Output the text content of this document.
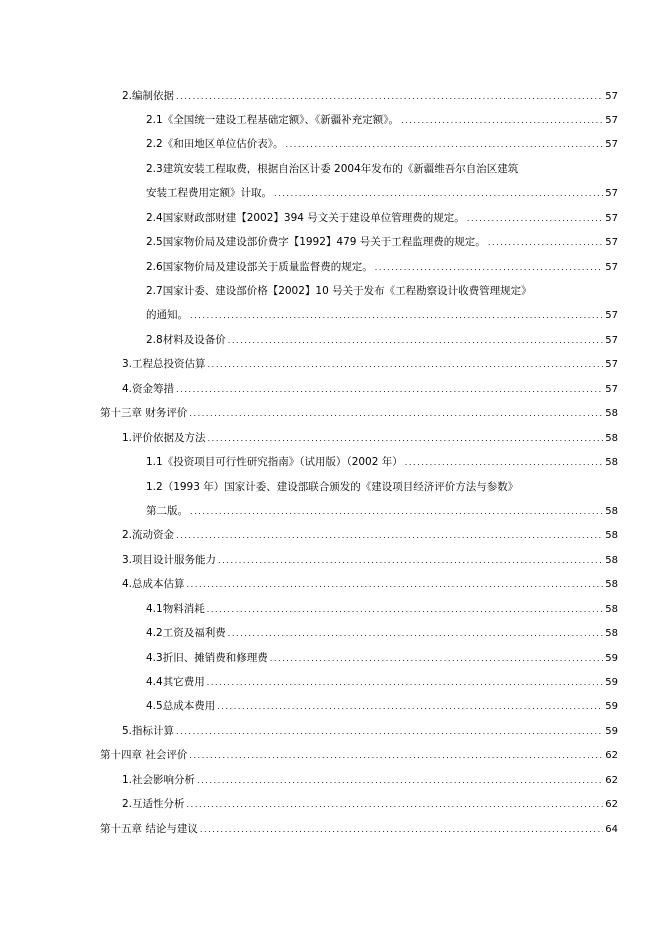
2.编制依据 .....	57
2.1《全国统一建设工程基础定额》、《新疆补充定额》。 .....	57
2.2《和田地区单位估价表》。 .....	57
2.3建筑安装工程取费，根据自治区计委 2004年发布的《新疆维吾尔自治区建筑
安装工程费用定额》计取。 .....	57
2.4国家财政部财建【2002】394 号文关于建设单位管理费的规定。 .....	57
2.5国家物价局及建设部价费字【1992】479 号关于工程监理费的规定。 .....	57
2.6国家物价局及建设部关于质量监督费的规定。 .....	57
2.7国家计委、建设部价格【2002】10 号关于发布《工程勘察设计收费管理规定》
的通知。 .....	57
2.8材料及设备价 .....	57
3.工程总投资估算 .....	57
4.资金筹措 .....	57
第十三章 财务评价 .....	58
1.评价依据及方法 .....	58
1.1《投资项目可行性研究指南》（试用版）（2002 年） .....	58
1.2（1993 年）国家计委、建设部联合颁发的《建设项目经济评价方法与参数》
第二版。 .....	58
2.流动资金 .....	58
3.项目设计服务能力 .....	58
4.总成本估算 .....	58
4.1物料消耗 .....	58
4.2工资及福利费 .....	58
4.3折旧、摊销费和修理费 .....	59
4.4其它费用 .....	59
4.5总成本费用 .....	59
5.指标计算 .....	59
第十四章 社会评价 .....	62
1.社会影响分析 .....	62
2.互适性分析 .....	62
第十五章 结论与建议 .....	64
